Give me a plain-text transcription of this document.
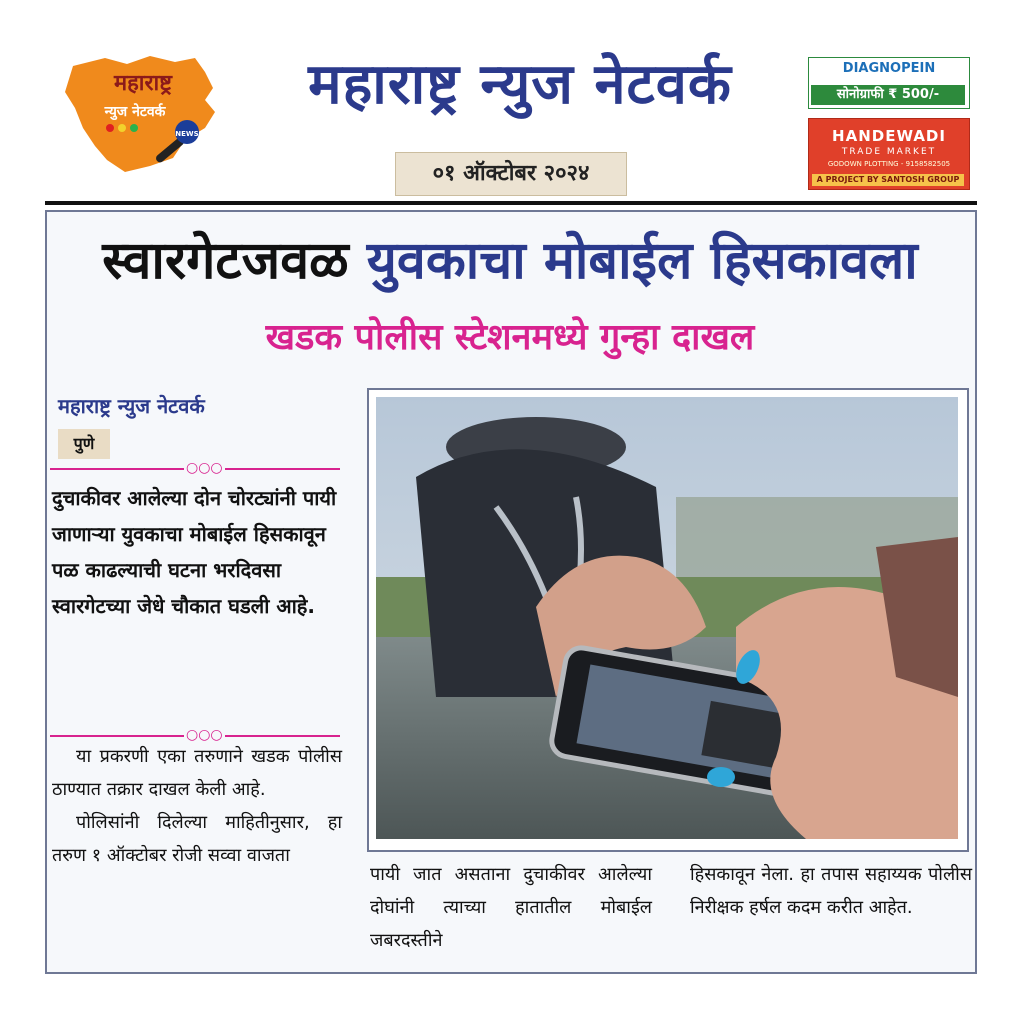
महाराष्ट्र
न्युज नेटवर्क
NEWS
महाराष्ट्र न्युज नेटवर्क
०१ ऑक्टोबर २०२४
DIAGNOPEIN
सोनोग्राफी ₹ 500/-
HANDEWADI
TRADE MARKET
GODOWN PLOTTING - 9158582505
A PROJECT BY SANTOSH GROUP
स्वारगेटजवळ युवकाचा मोबाईल हिसकावला
खडक पोलीस स्टेशनमध्ये गुन्हा दाखल
महाराष्ट्र न्युज नेटवर्क
पुणे
○○○
दुचाकीवर आलेल्या दोन चोरट्यांनी पायी जाणाऱ्या युवकाचा मोबाईल हिसकावून पळ काढल्याची घटना भरदिवसा स्वारगेटच्या जेधे चौकात घडली आहे.
○○○

या प्रकरणी एका तरुणाने खडक पोलीस ठाण्यात तक्रार दाखल केली आहे.

पोलिसांनी दिलेल्या माहितीनुसार, हा तरुण १ ऑक्टोबर रोजी सव्वा वाजता

पायी जात असताना दुचाकीवर आलेल्या दोघांनी त्याच्या हातातील मोबाईल जबरदस्तीने

हिसकावून नेला. हा तपास सहाय्यक पोलीस निरीक्षक हर्षल कदम करीत आहेत.
